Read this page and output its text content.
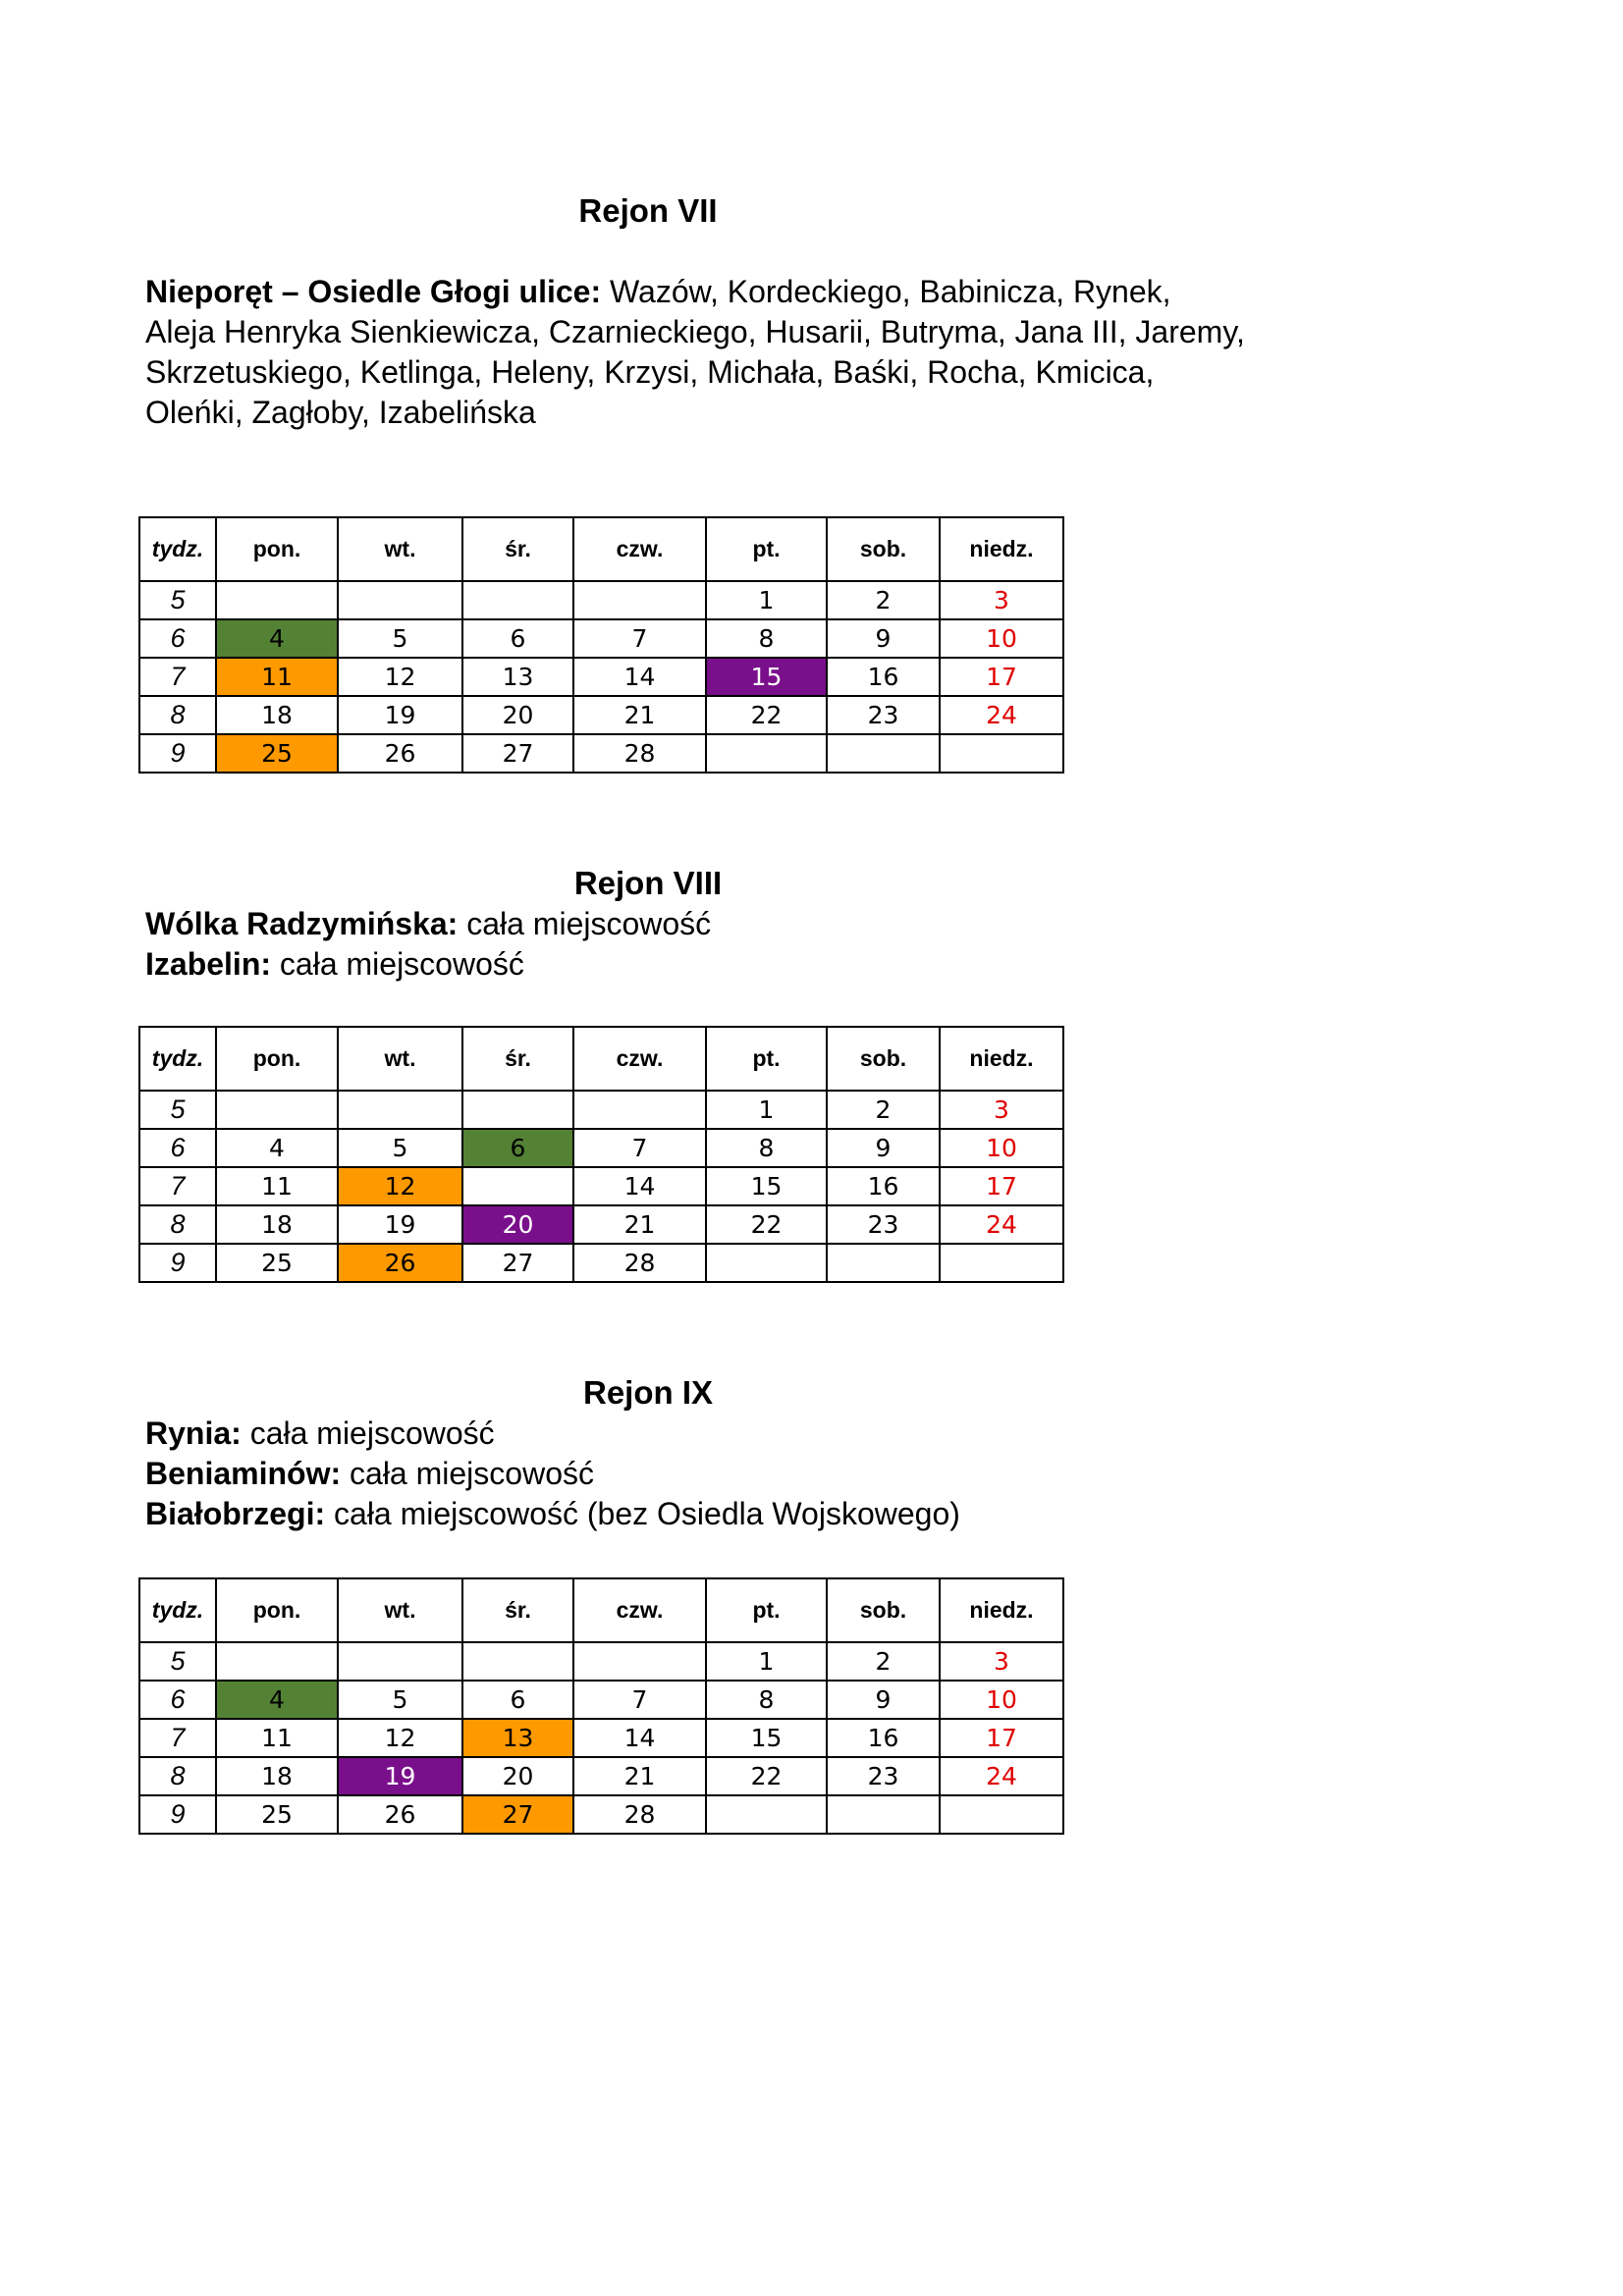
Rejon VII

Nieporęt – Osiedle Głogi ulice: Wazów, Kordeckiego, Babinicza, Rynek, Aleja Henryka Sienkiewicza, Czarnieckiego, Husarii, Butryma, Jana III, Jaremy, Skrzetuskiego, Ketlinga, Heleny, Krzysi, Michała, Baśki, Rocha, Kmicica, Oleńki, Zagłoby, Izabelińska

tydz.	pon.	wt.	śr.	czw.	pt.	sob.	niedz.
5					1	2	3
6	4	5	6	7	8	9	10
7	11	12	13	14	15	16	17
8	18	19	20	21	22	23	24
9	25	26	27	28			
Rejon VIII

Wólka Radzymińska: cała miejscowość

Izabelin: cała miejscowość

tydz.	pon.	wt.	śr.	czw.	pt.	sob.	niedz.
5					1	2	3
6	4	5	6	7	8	9	10
7	11	12		14	15	16	17
8	18	19	20	21	22	23	24
9	25	26	27	28			
Rejon IX

Rynia: cała miejscowość

Beniaminów: cała miejscowość

Białobrzegi: cała miejscowość (bez Osiedla Wojskowego)

tydz.	pon.	wt.	śr.	czw.	pt.	sob.	niedz.
5					1	2	3
6	4	5	6	7	8	9	10
7	11	12	13	14	15	16	17
8	18	19	20	21	22	23	24
9	25	26	27	28			
